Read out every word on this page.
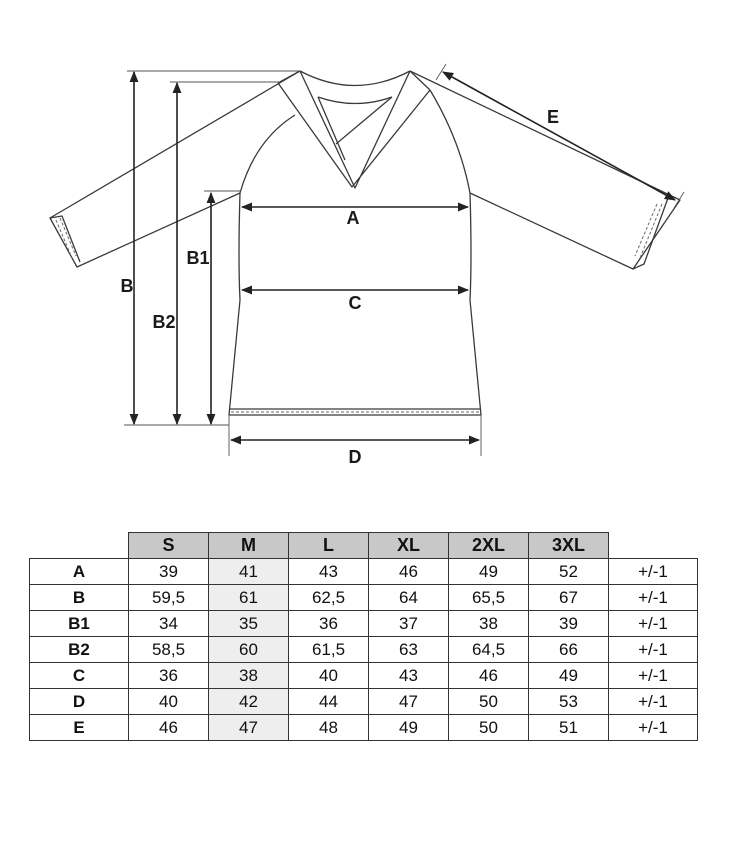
A
C
D
B
B2
B1
E
	S	M	L	XL	2XL	3XL	
A	39	41	43	46	49	52	+/-1
B	59,5	61	62,5	64	65,5	67	+/-1
B1	34	35	36	37	38	39	+/-1
B2	58,5	60	61,5	63	64,5	66	+/-1
C	36	38	40	43	46	49	+/-1
D	40	42	44	47	50	53	+/-1
E	46	47	48	49	50	51	+/-1
